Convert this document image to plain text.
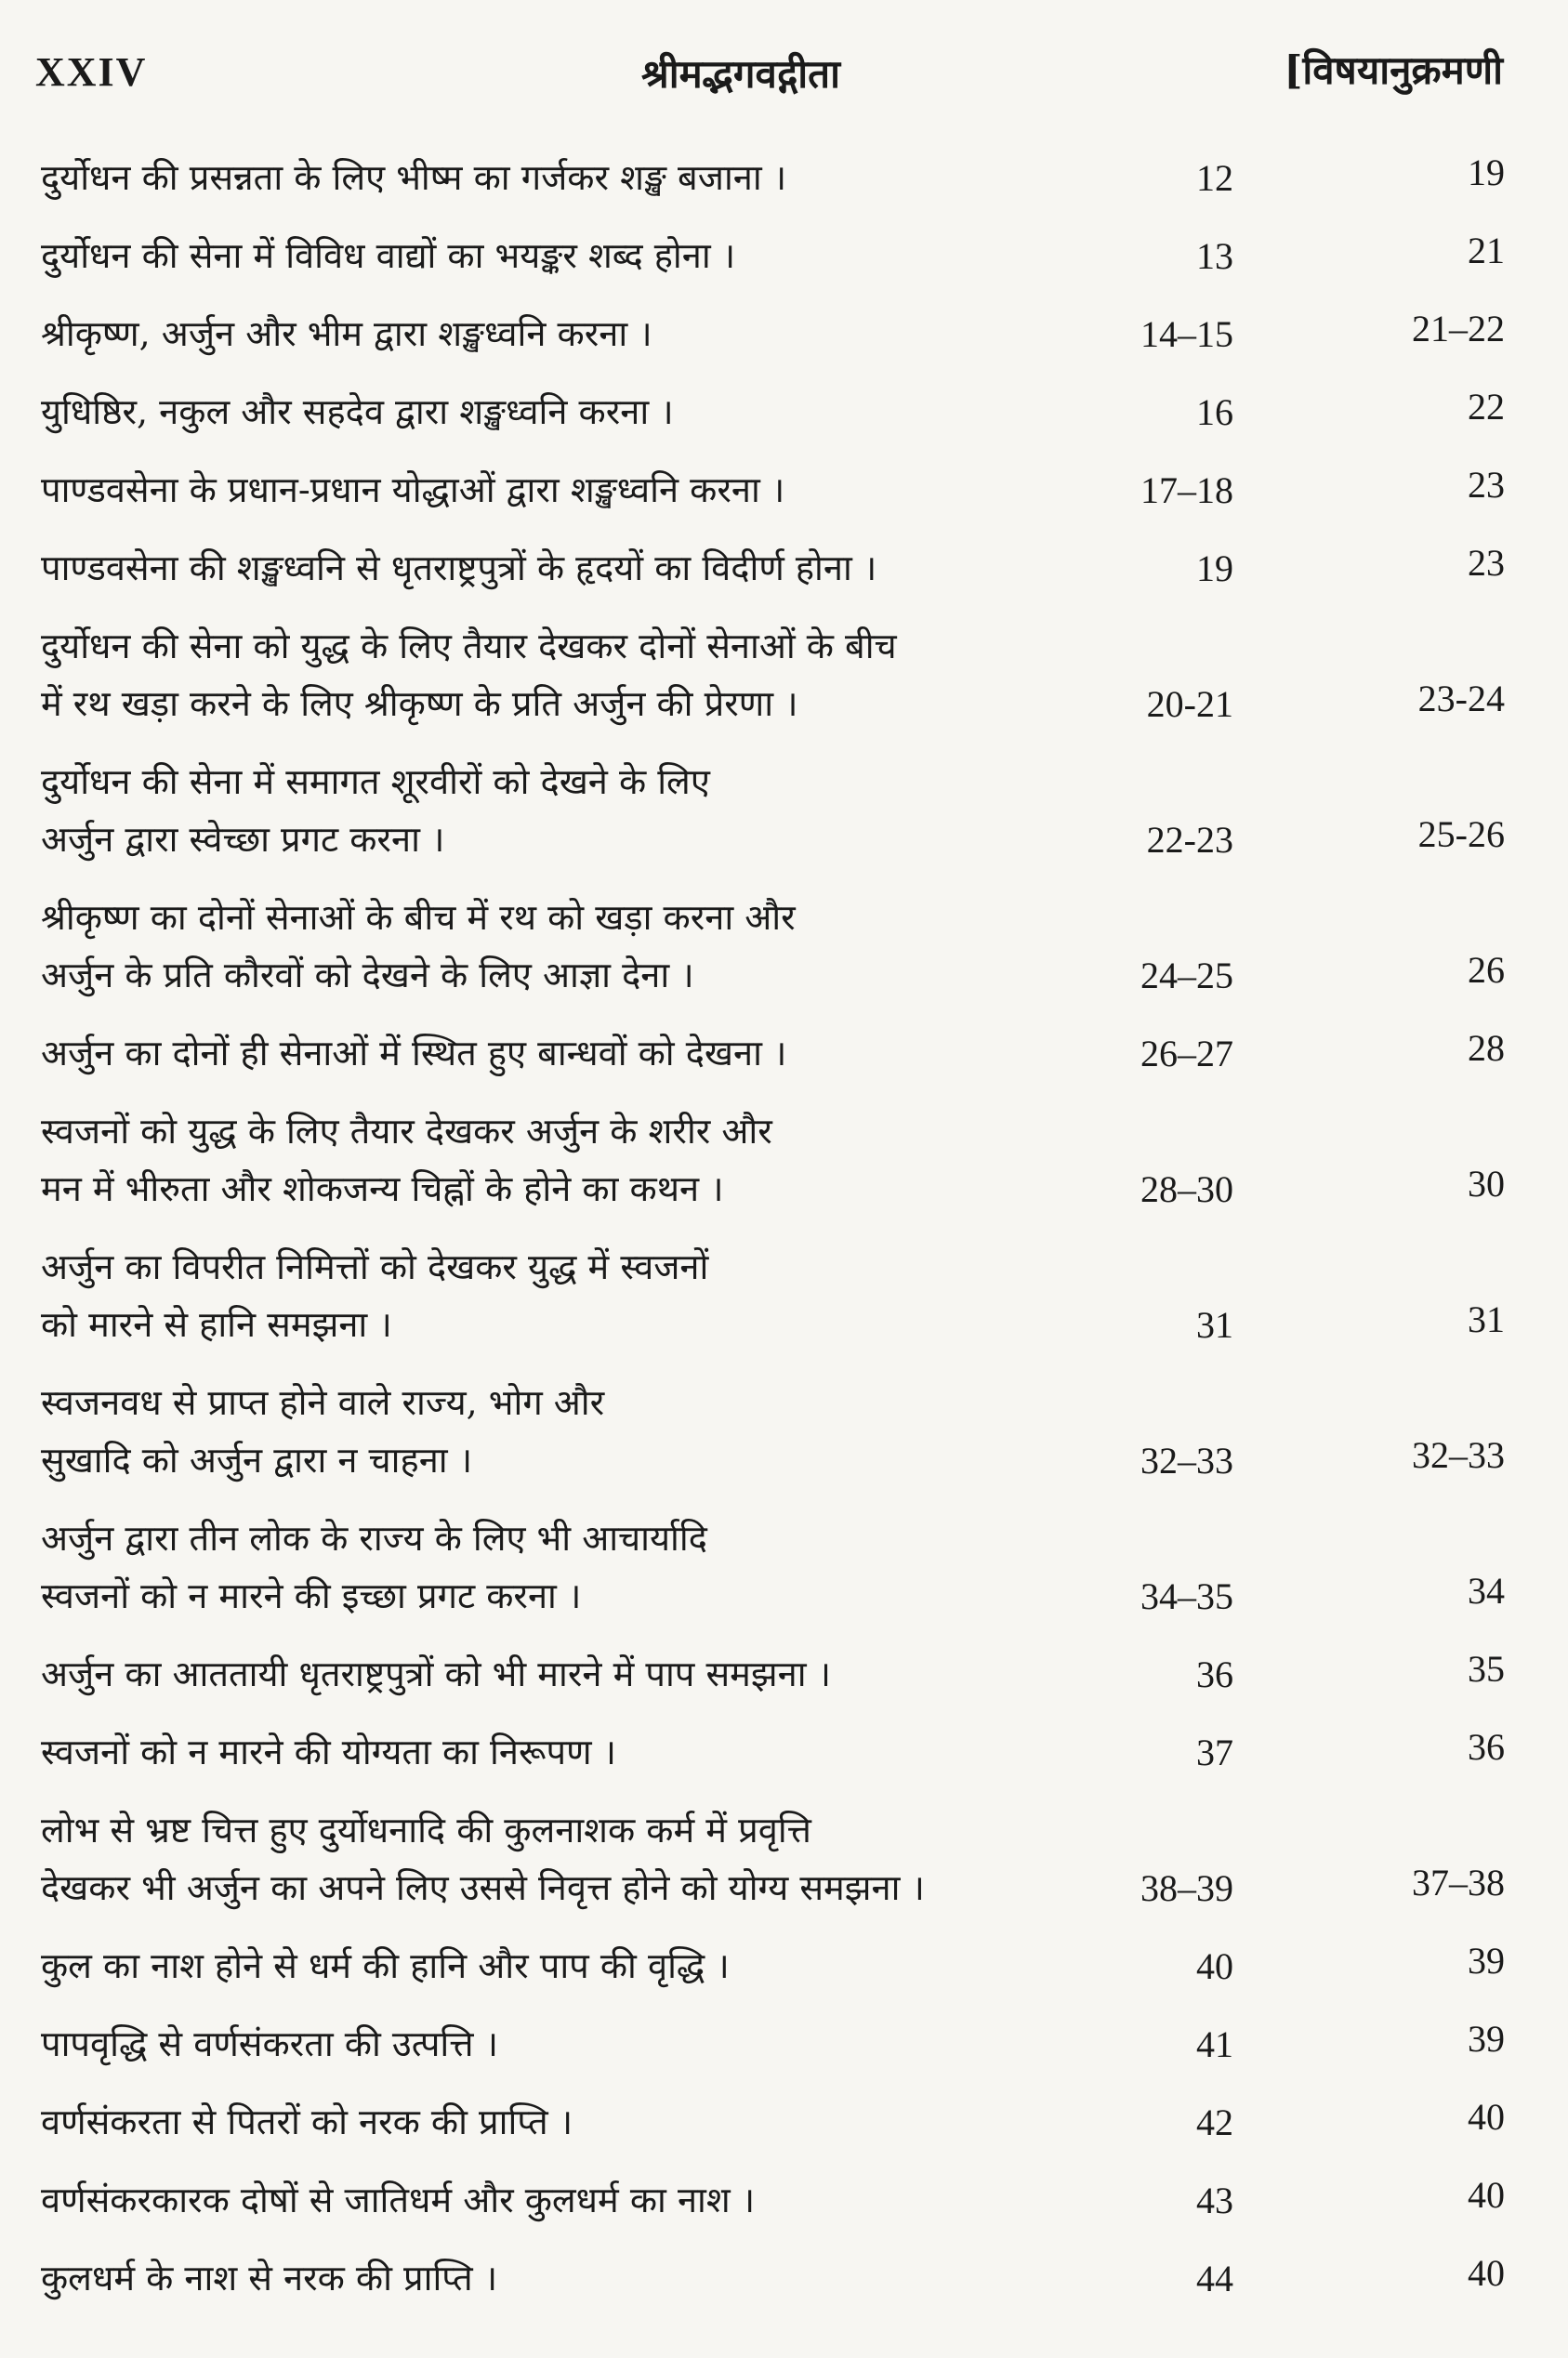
XXIV	श्रीमद्भगवद्गीता	[विषयानुक्रमणी
दुर्योधन की प्रसन्नता के लिए भीष्म का गर्जकर शङ्ख बजाना ।	12	19
दुर्योधन की सेना में विविध वाद्यों का भयङ्कर शब्द होना ।	13	21
श्रीकृष्ण, अर्जुन और भीम द्वारा शङ्खध्वनि करना ।	14–15	21–22
युधिष्ठिर, नकुल और सहदेव द्वारा शङ्खध्वनि करना ।	16	22
पाण्डवसेना के प्रधान-प्रधान योद्धाओं द्वारा शङ्खध्वनि करना ।	17–18	23
पाण्डवसेना की शङ्खध्वनि से धृतराष्ट्रपुत्रों के हृदयों का विदीर्ण होना ।	19	23
दुर्योधन की सेना को युद्ध के लिए तैयार देखकर दोनों सेनाओं के बीच
में रथ खड़ा करने के लिए श्रीकृष्ण के प्रति अर्जुन की प्रेरणा ।	20-21	23-24
दुर्योधन की सेना में समागत शूरवीरों को देखने के लिए
अर्जुन द्वारा स्वेच्छा प्रगट करना ।	22-23	25-26
श्रीकृष्ण का दोनों सेनाओं के बीच में रथ को खड़ा करना और
अर्जुन के प्रति कौरवों को देखने के लिए आज्ञा देना ।	24–25	26
अर्जुन का दोनों ही सेनाओं में स्थित हुए बान्धवों को देखना ।	26–27	28
स्वजनों को युद्ध के लिए तैयार देखकर अर्जुन के शरीर और
मन में भीरुता और शोकजन्य चिह्नों के होने का कथन ।	28–30	30
अर्जुन का विपरीत निमित्तों को देखकर युद्ध में स्वजनों
को मारने से हानि समझना ।	31	31
स्वजनवध से प्राप्त होने वाले राज्य, भोग और
सुखादि को अर्जुन द्वारा न चाहना ।	32–33	32–33
अर्जुन द्वारा तीन लोक के राज्य के लिए भी आचार्यादि
स्वजनों को न मारने की इच्छा प्रगट करना ।	34–35	34
अर्जुन का आततायी धृतराष्ट्रपुत्रों को भी मारने में पाप समझना ।	36	35
स्वजनों को न मारने की योग्यता का निरूपण ।	37	36
लोभ से भ्रष्ट चित्त हुए दुर्योधनादि की कुलनाशक कर्म में प्रवृत्ति
देखकर भी अर्जुन का अपने लिए उससे निवृत्त होने को योग्य समझना ।	38–39	37–38
कुल का नाश होने से धर्म की हानि और पाप की वृद्धि ।	40	39
पापवृद्धि से वर्णसंकरता की उत्पत्ति ।	41	39
वर्णसंकरता से पितरों को नरक की प्राप्ति ।	42	40
वर्णसंकरकारक दोषों से जातिधर्म और कुलधर्म का नाश ।	43	40
कुलधर्म के नाश से नरक की प्राप्ति ।	44	40
